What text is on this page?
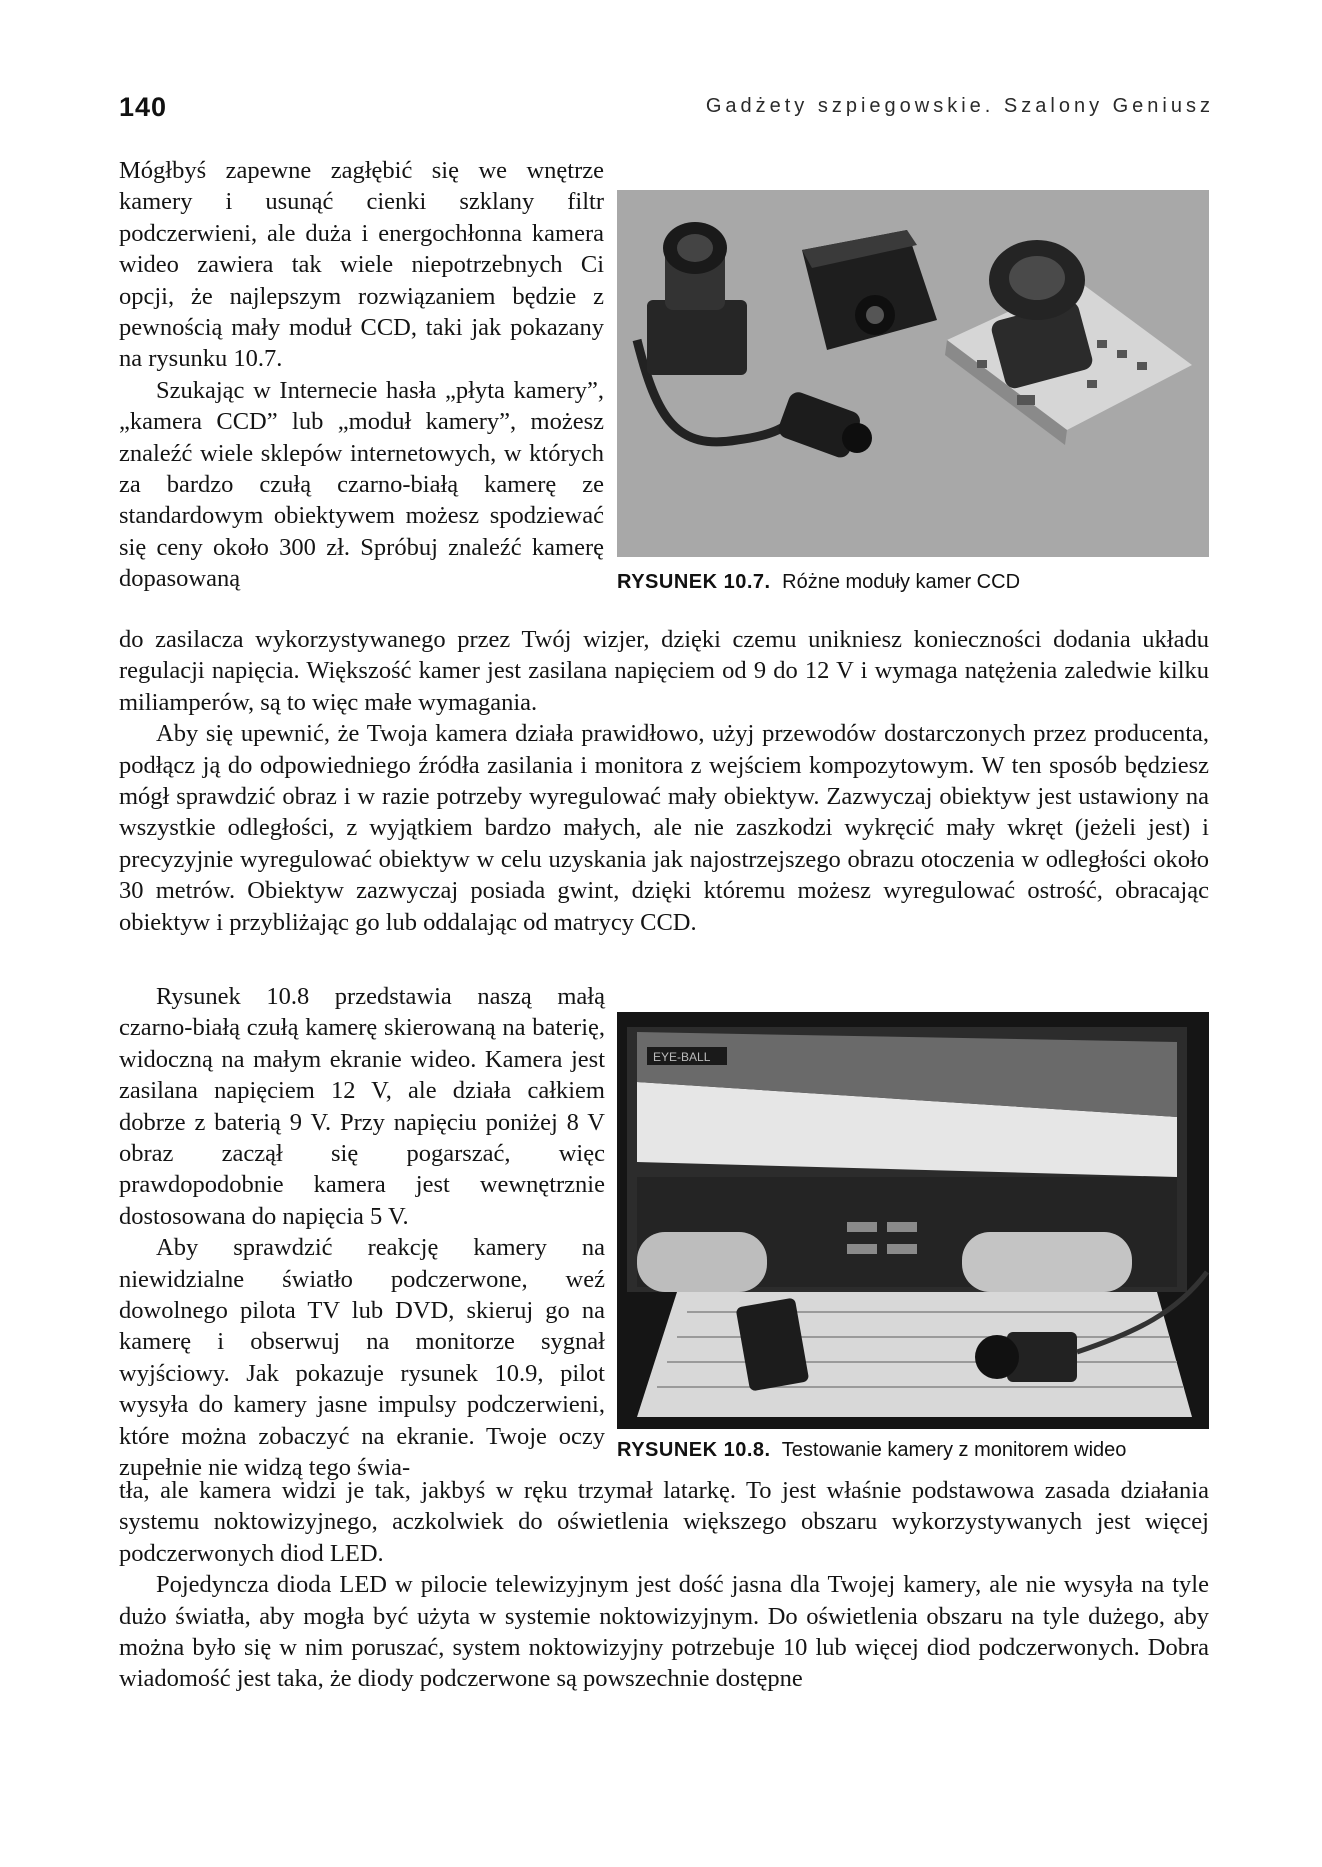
140	Gadżety szpiegowskie. Szalony Geniusz

Mógłbyś zapewne zagłębić się we wnętrze kamery i usunąć cienki szklany filtr podczerwieni, ale duża i energochłonna kamera wideo zawiera tak wiele niepotrzebnych Ci opcji, że najlepszym rozwiązaniem będzie z pewnością mały moduł CCD, taki jak pokazany na rysunku 10.7.

Szukając w Internecie hasła „płyta kamery”, „kamera CCD” lub „moduł kamery”, możesz znaleźć wiele sklepów internetowych, w których za bardzo czułą czarno-białą kamerę ze standardowym obiektywem możesz spodziewać się ceny około 300 zł. Spróbuj znaleźć kamerę dopasowaną	RYSUNEK 10.7. Różne moduły kamer CCD

do zasilacza wykorzystywanego przez Twój wizjer, dzięki czemu unikniesz konieczności dodania układu regulacji napięcia. Większość kamer jest zasilana napięciem od 9 do 12 V i wymaga natężenia zaledwie kilku miliamperów, są to więc małe wymagania.

Aby się upewnić, że Twoja kamera działa prawidłowo, użyj przewodów dostarczonych przez producenta, podłącz ją do odpowiedniego źródła zasilania i monitora z wejściem kompozytowym. W ten sposób będziesz mógł sprawdzić obraz i w razie potrzeby wyregulować mały obiektyw. Zazwyczaj obiektyw jest ustawiony na wszystkie odległości, z wyjątkiem bardzo małych, ale nie zaszkodzi wykręcić mały wkręt (jeżeli jest) i precyzyjnie wyregulować obiektyw w celu uzyskania jak najostrzejszego obrazu otoczenia w odległości około 30 metrów. Obiektyw zazwyczaj posiada gwint, dzięki któremu możesz wyregulować ostrość, obracając obiektyw i przybliżając go lub oddalając od matrycy CCD.

Rysunek 10.8 przedstawia naszą małą czarno-białą czułą kamerę skierowaną na baterię, widoczną na małym ekranie wideo. Kamera jest zasilana napięciem 12 V, ale działa całkiem dobrze z baterią 9 V. Przy napięciu poniżej 8 V obraz zaczął się pogarszać, więc prawdopodobnie kamera jest wewnętrznie dostosowana do napięcia 5 V.

Aby sprawdzić reakcję kamery na niewidzialne światło podczerwone, weź dowolnego pilota TV lub DVD, skieruj go na kamerę i obserwuj na monitorze sygnał wyjściowy. Jak pokazuje rysunek 10.9, pilot wysyła do kamery jasne impulsy podczerwieni, które można zobaczyć na ekranie. Twoje oczy zupełnie nie widzą tego świa-

EYE-BALL
RYSUNEK 10.8. Testowanie kamery z monitorem wideo

tła, ale kamera widzi je tak, jakbyś w ręku trzymał latarkę. To jest właśnie podstawowa zasada działania systemu noktowizyjnego, aczkolwiek do oświetlenia większego obszaru wykorzystywanych jest więcej podczerwonych diod LED.

Pojedyncza dioda LED w pilocie telewizyjnym jest dość jasna dla Twojej kamery, ale nie wysyła na tyle dużo światła, aby mogła być użyta w systemie noktowizyjnym. Do oświetlenia obszaru na tyle dużego, aby można było się w nim poruszać, system noktowizyjny potrzebuje 10 lub więcej diod podczerwonych. Dobra wiadomość jest taka, że diody podczerwone są powszechnie dostępne
